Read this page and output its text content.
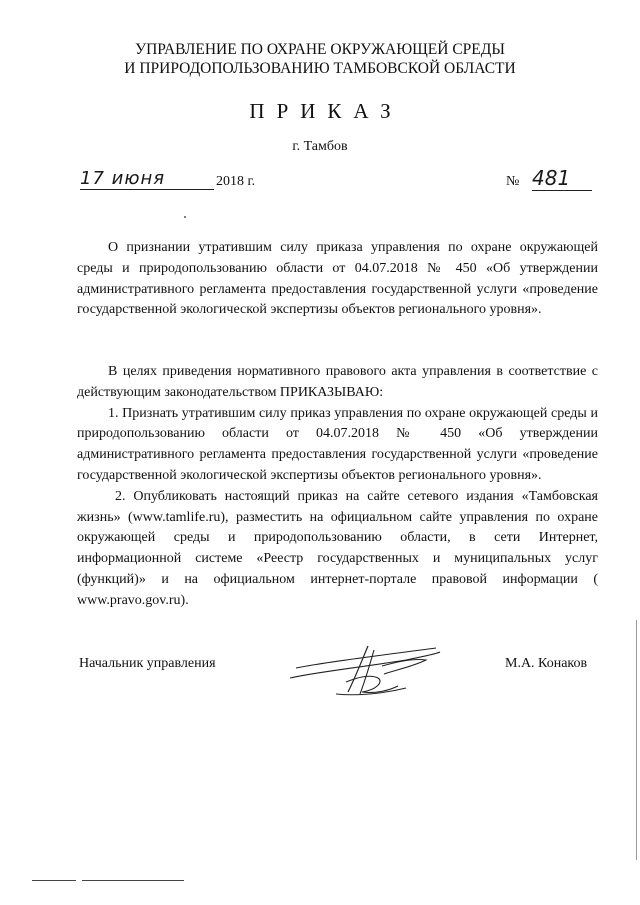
УПРАВЛЕНИЕ ПО ОХРАНЕ ОКРУЖАЮЩЕЙ СРЕДЫ
И ПРИРОДОПОЛЬЗОВАНИЮ ТАМБОВСКОЙ ОБЛАСТИ
ПРИКАЗ
г. Тамбов
17 июня	2018 г.	№ 481

О признании утратившим силу приказа управления по охране окружающей среды и природопользованию области от 04.07.2018 № 450 «Об утверждении административного регламента предоставления государственной услуги «проведение государственной экологической экспертизы объектов регионального уровня».

В целях приведения нормативного правового акта управления в соответствие с действующим законодательством ПРИКАЗЫВАЮ:

1. Признать утратившим силу приказ управления по охране окружающей среды и природопользованию области от 04.07.2018 № 450 «Об утверждении административного регламента предоставления государственной услуги «проведение государственной экологической экспертизы объектов регионального уровня».

2. Опубликовать настоящий приказ на сайте сетевого издания «Тамбовская жизнь» (www.tamlife.ru), разместить на официальном сайте управления по охране окружающей среды и природопользованию области, в сети Интернет, информационной системе «Реестр государственных и муниципальных услуг (функций)» и на официальном интернет-портале правовой информации ( www.pravo.gov.ru).

Начальник управления	М.А. Конаков
